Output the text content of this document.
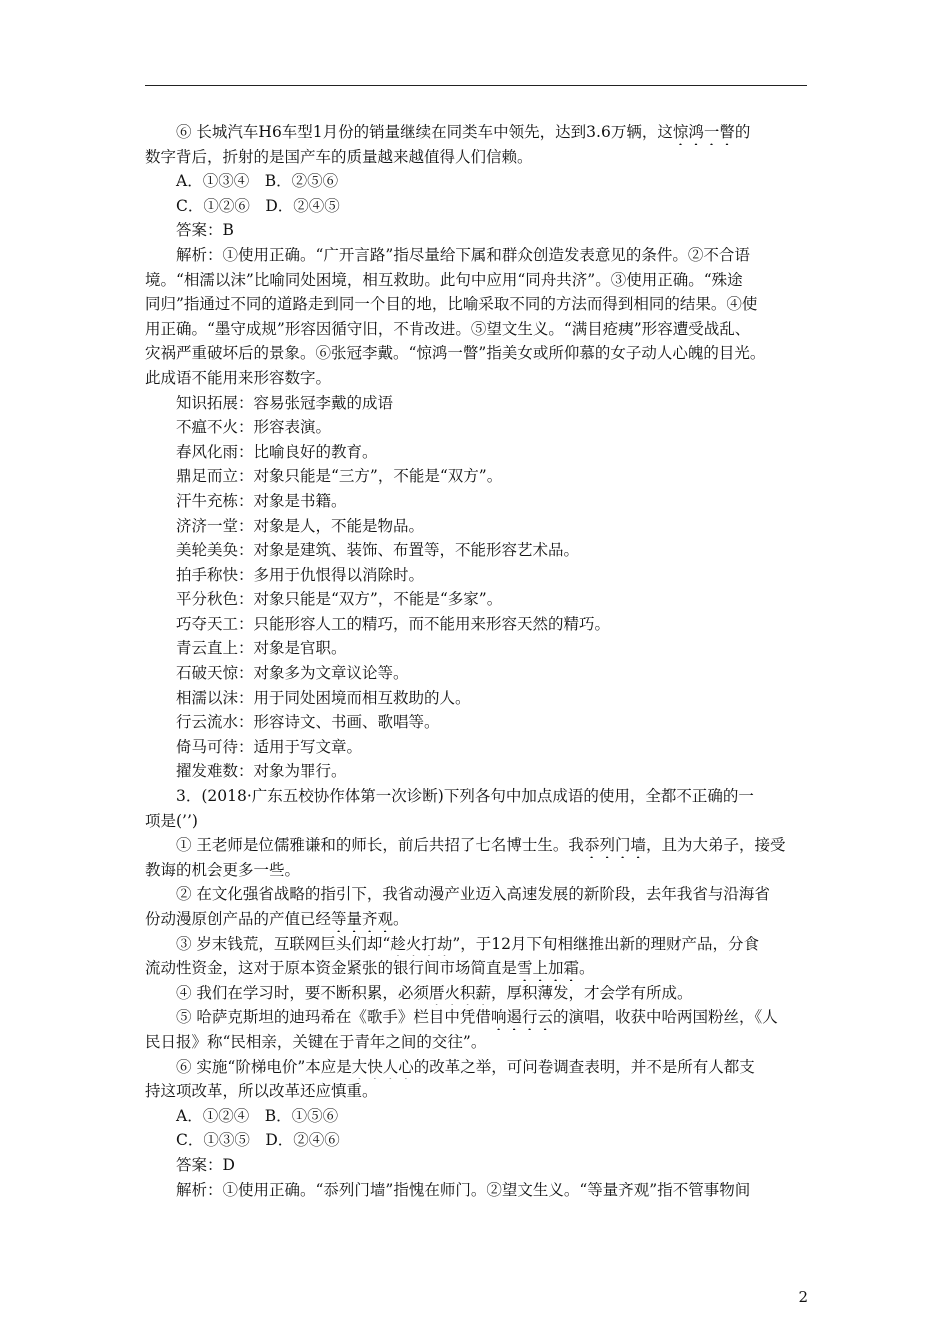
⑥ 长城汽车H6车型1月份的销量继续在同类车中领先，达到3.6万辆，这惊鸿一瞥的
数字背后，折射的是国产车的质量越来越值得人们信赖。
A．①③④　B．②⑤⑥
C．①②⑥　D．②④⑤
答案：B
解析：①使用正确。“广开言路”指尽量给下属和群众创造发表意见的条件。②不合语
境。“相濡以沫”比喻同处困境，相互救助。此句中应用“同舟共济”。③使用正确。“殊途
同归”指通过不同的道路走到同一个目的地，比喻采取不同的方法而得到相同的结果。④使
用正确。“墨守成规”形容因循守旧，不肯改进。⑤望文生义。“满目疮痍”形容遭受战乱、
灾祸严重破坏后的景象。⑥张冠李戴。“惊鸿一瞥”指美女或所仰慕的女子动人心魄的目光。
此成语不能用来形容数字。
知识拓展：容易张冠李戴的成语
不瘟不火：形容表演。
春风化雨：比喻良好的教育。
鼎足而立：对象只能是“三方”，不能是“双方”。
汗牛充栋：对象是书籍。
济济一堂：对象是人，不能是物品。
美轮美奂：对象是建筑、装饰、布置等，不能形容艺术品。
拍手称快：多用于仇恨得以消除时。
平分秋色：对象只能是“双方”，不能是“多家”。
巧夺天工：只能形容人工的精巧，而不能用来形容天然的精巧。
青云直上：对象是官职。
石破天惊：对象多为文章议论等。
相濡以沫：用于同处困境而相互救助的人。
行云流水：形容诗文、书画、歌唱等。
倚马可待：适用于写文章。
擢发难数：对象为罪行。
3．(2018·广东五校协作体第一次诊断)下列各句中加点成语的使用，全都不正确的一
项是(’’)
① 王老师是位儒雅谦和的师长，前后共招了七名博士生。我忝列门墙，且为大弟子，接受
教诲的机会更多一些。
② 在文化强省战略的指引下，我省动漫产业迈入高速发展的新阶段，去年我省与沿海省
份动漫原创产品的产值已经等量齐观。
③ 岁末钱荒，互联网巨头们却“趁火打劫”，于12月下旬相继推出新的理财产品，分食
流动性资金，这对于原本资金紧张的银行间市场简直是雪上加霜。
④ 我们在学习时，要不断积累，必须厝火积薪，厚积薄发，才会学有所成。
⑤ 哈萨克斯坦的迪玛希在《歌手》栏目中凭借响遏行云的演唱，收获中哈两国粉丝，《人
民日报》称“民相亲，关键在于青年之间的交往”。
⑥ 实施“阶梯电价”本应是大快人心的改革之举，可问卷调查表明，并不是所有人都支
持这项改革，所以改革还应慎重。
A．①②④　B．①⑤⑥
C．①③⑤　D．②④⑥
答案：D
解析：①使用正确。“忝列门墙”指愧在师门。②望文生义。“等量齐观”指不管事物间
2
